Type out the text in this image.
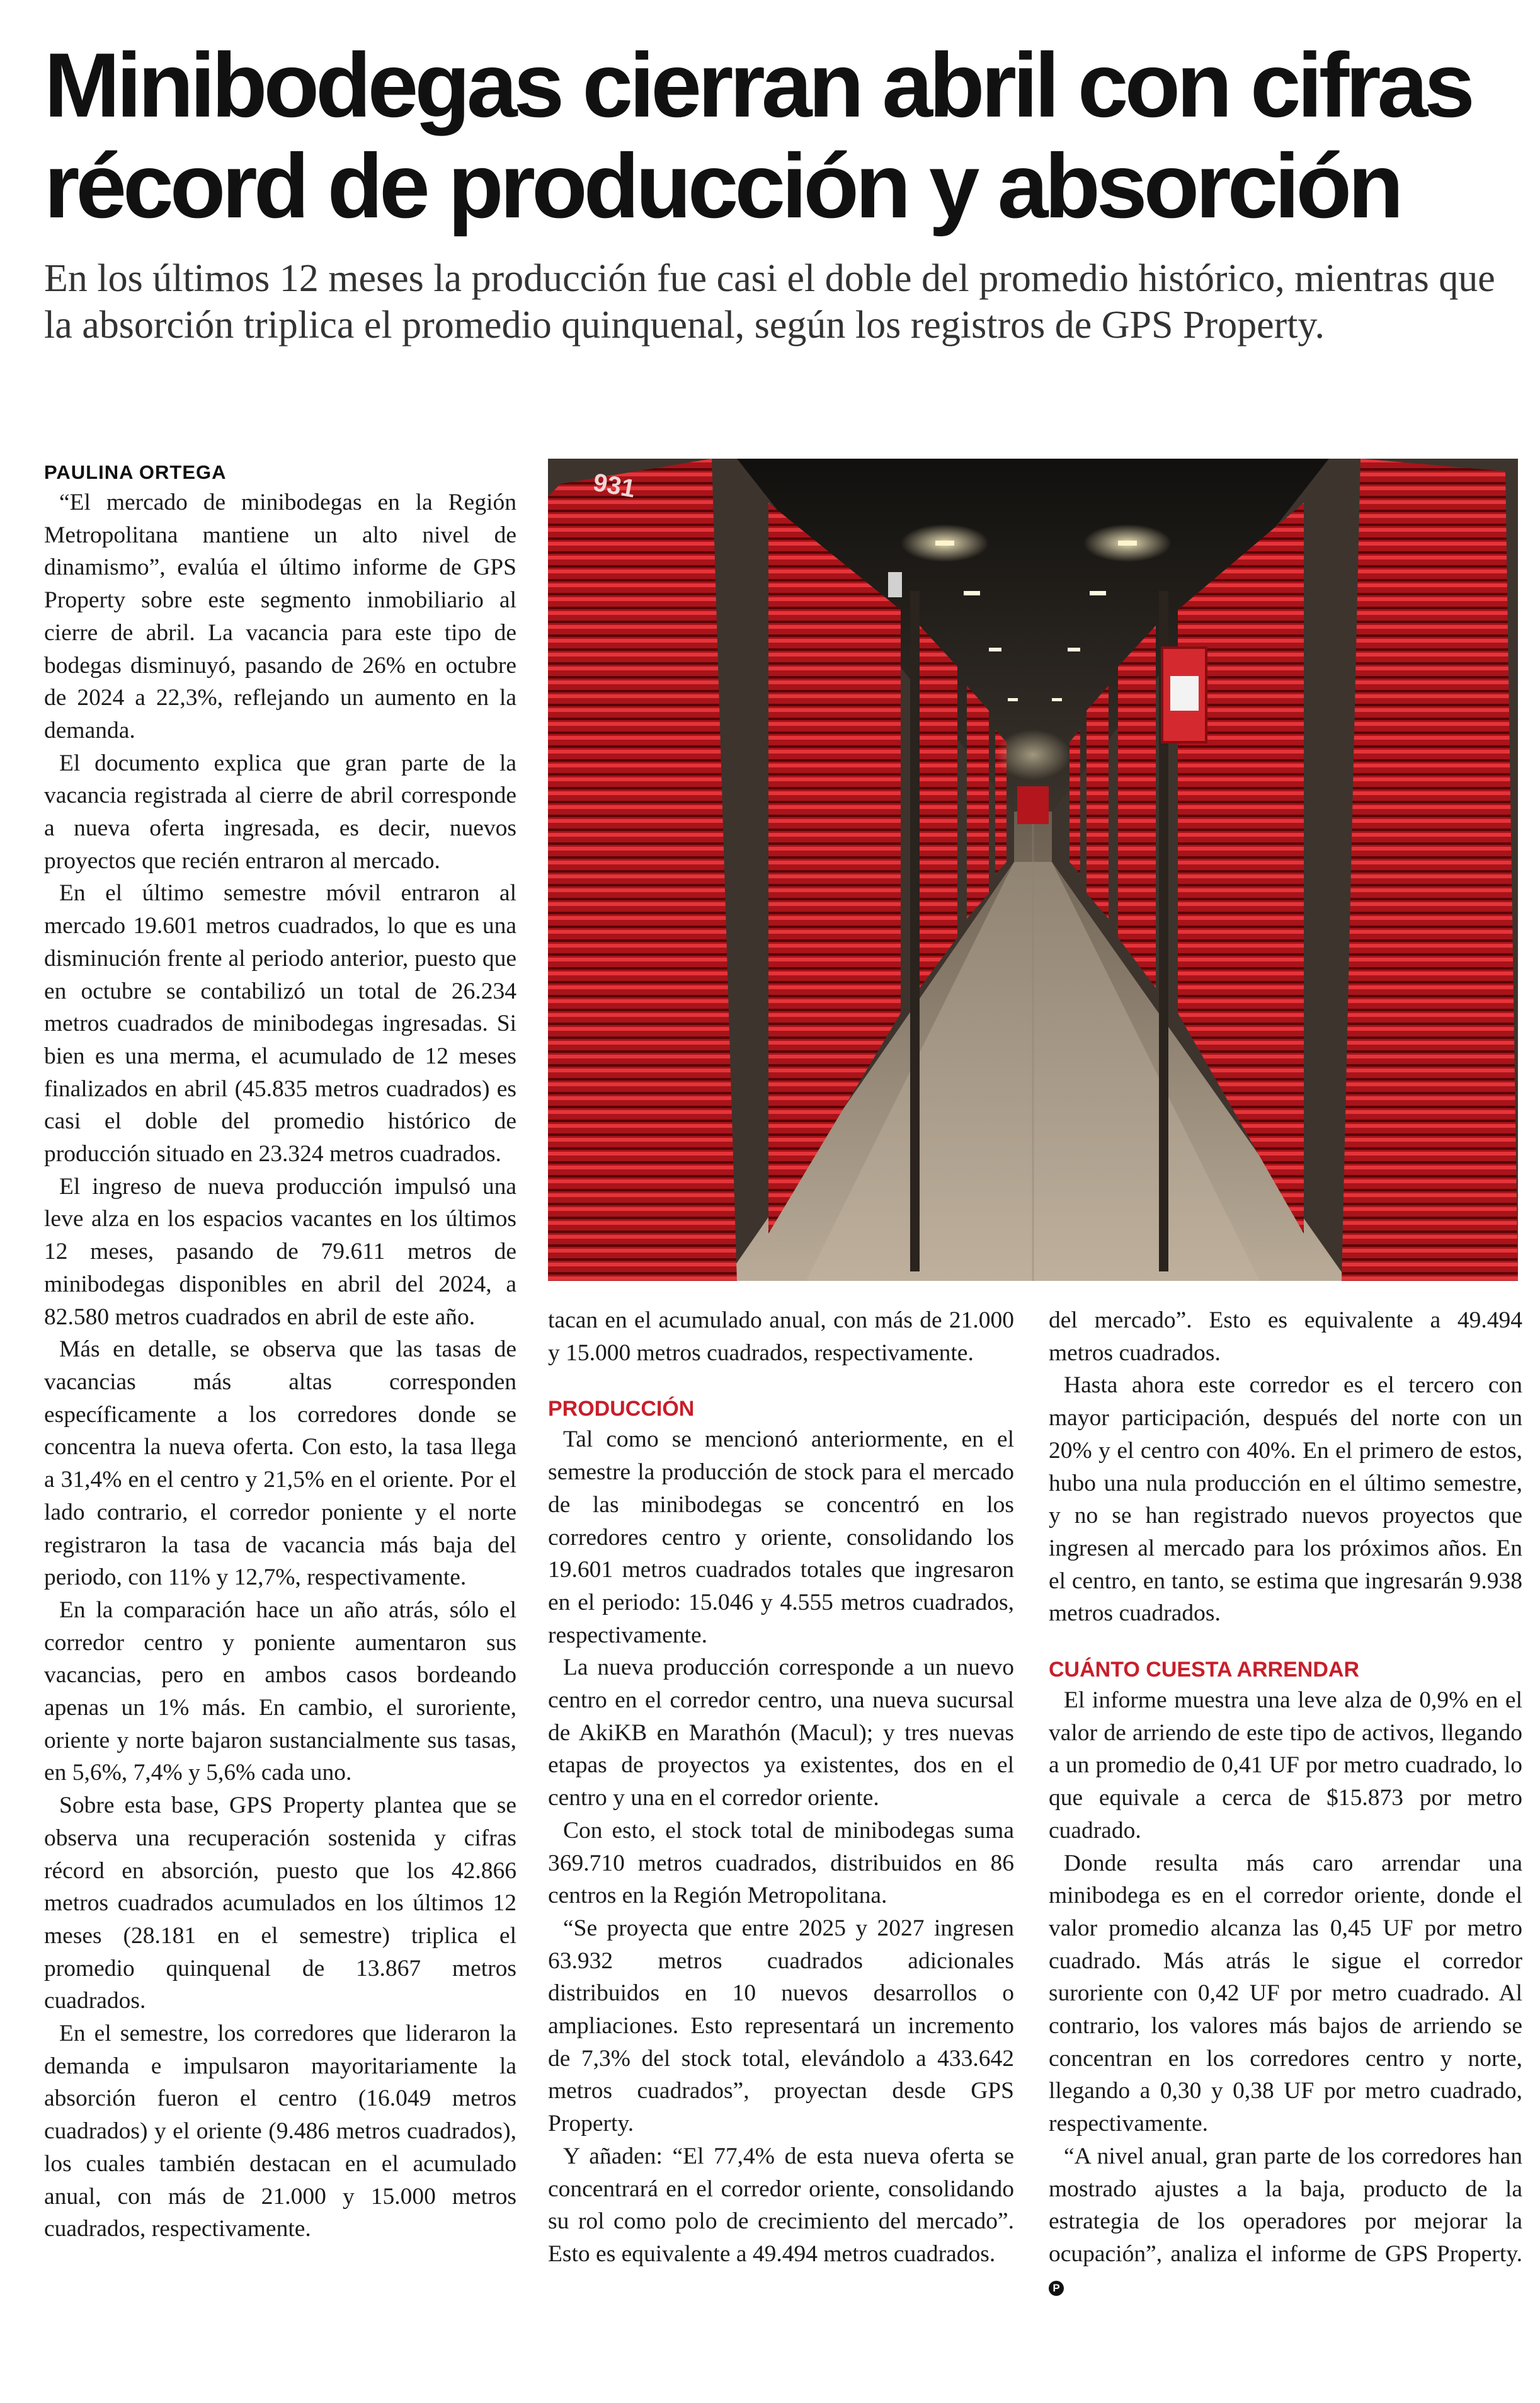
Minibodegas cierran abril con cifras récord de producción y absorción
En los últimos 12 meses la producción fue casi el doble del promedio histórico, mientras que la absorción triplica el promedio quinquenal, según los registros de GPS Property.

PAULINA ORTEGA

“El mercado de minibodegas en la Región Metropolitana mantiene un alto nivel de dinamismo”, evalúa el último informe de GPS Property sobre este segmento inmobiliario al cierre de abril. La vacancia para este tipo de bodegas disminuyó, pasando de 26% en octubre de 2024 a 22,3%, reflejando un aumento en la demanda.

El documento explica que gran parte de la vacancia registrada al cierre de abril corresponde a nueva oferta ingresada, es decir, nuevos proyectos que recién entraron al mercado.

En el último semestre móvil entraron al mercado 19.601 metros cuadrados, lo que es una disminución frente al periodo anterior, puesto que en octubre se contabilizó un total de 26.234 metros cuadrados de minibodegas ingresadas. Si bien es una merma, el acumulado de 12 meses finalizados en abril (45.835 metros cuadrados) es casi el doble del promedio histórico de producción situado en 23.324 metros cuadrados.

El ingreso de nueva producción impulsó una leve alza en los espacios vacantes en los últimos 12 meses, pasando de 79.611 metros de minibodegas disponibles en abril del 2024, a 82.580 metros cuadrados en abril de este año.

Más en detalle, se observa que las tasas de vacancias más altas corresponden específicamente a los corredores donde se concentra la nueva oferta. Con esto, la tasa llega a 31,4% en el centro y 21,5% en el oriente. Por el lado contrario, el corredor poniente y el norte registraron la tasa de vacancia más baja del periodo, con 11% y 12,7%, respectivamente.

En la comparación hace un año atrás, sólo el corredor centro y poniente aumentaron sus vacancias, pero en ambos casos bordeando apenas un 1% más. En cambio, el suroriente, oriente y norte bajaron sustancialmente sus tasas, en 5,6%, 7,4% y 5,6% cada uno.

Sobre esta base, GPS Property plantea que se observa una recuperación sostenida y cifras récord en absorción, puesto que los 42.866 metros cuadrados acumulados en los últimos 12 meses (28.181 en el semestre) triplica el promedio quinquenal de 13.867 metros cuadrados.

En el semestre, los corredores que lideraron la demanda e impulsaron mayoritariamente la absorción fueron el centro (16.049 metros cuadrados) y el oriente (9.486 metros cuadrados), los cuales también destacan en el acumulado anual, con más de 21.000 y 15.000 metros cuadrados, respectivamente.

931

tacan en el acumulado anual, con más de 21.000 y 15.000 metros cuadrados, respectivamente.

PRODUCCIÓN

Tal como se mencionó anteriormente, en el semestre la producción de stock para el mercado de las minibodegas se concentró en los corredores centro y oriente, consolidando los 19.601 metros cuadrados totales que ingresaron en el periodo: 15.046 y 4.555 metros cuadrados, respectivamente.

La nueva producción corresponde a un nuevo centro en el corredor centro, una nueva sucursal de AkiKB en Marathón (Macul); y tres nuevas etapas de proyectos ya existentes, dos en el centro y una en el corredor oriente.

Con esto, el stock total de minibodegas suma 369.710 metros cuadrados, distribuidos en 86 centros en la Región Metropolitana.

“Se proyecta que entre 2025 y 2027 ingresen 63.932 metros cuadrados adicionales distribuidos en 10 nuevos desarrollos o ampliaciones. Esto representará un incremento de 7,3% del stock total, elevándolo a 433.642 metros cuadrados”, proyectan desde GPS Property.

Y añaden: “El 77,4% de esta nueva oferta se concentrará en el corredor oriente, consolidando su rol como polo de crecimiento del mercado”. Esto es equivalente a 49.494 metros cuadrados.

del mercado”. Esto es equivalente a 49.494 metros cuadrados.

Hasta ahora este corredor es el tercero con mayor participación, después del norte con un 20% y el centro con 40%. En el primero de estos, hubo una nula producción en el último semestre, y no se han registrado nuevos proyectos que ingresen al mercado para los próximos años. En el centro, en tanto, se estima que ingresarán 9.938 metros cuadrados.

CUÁNTO CUESTA ARRENDAR

El informe muestra una leve alza de 0,9% en el valor de arriendo de este tipo de activos, llegando a un promedio de 0,41 UF por metro cuadrado, lo que equivale a cerca de $15.873 por metro cuadrado.

Donde resulta más caro arrendar una minibodega es en el corredor oriente, donde el valor promedio alcanza las 0,45 UF por metro cuadrado. Más atrás le sigue el corredor suroriente con 0,42 UF por metro cuadrado. Al contrario, los valores más bajos de arriendo se concentran en los corredores centro y norte, llegando a 0,30 y 0,38 UF por metro cuadrado, respectivamente.

“A nivel anual, gran parte de los corredores han mostrado ajustes a la baja, producto de la estrategia de los operadores por mejorar la ocupación”, analiza el informe de GPS Property. P
